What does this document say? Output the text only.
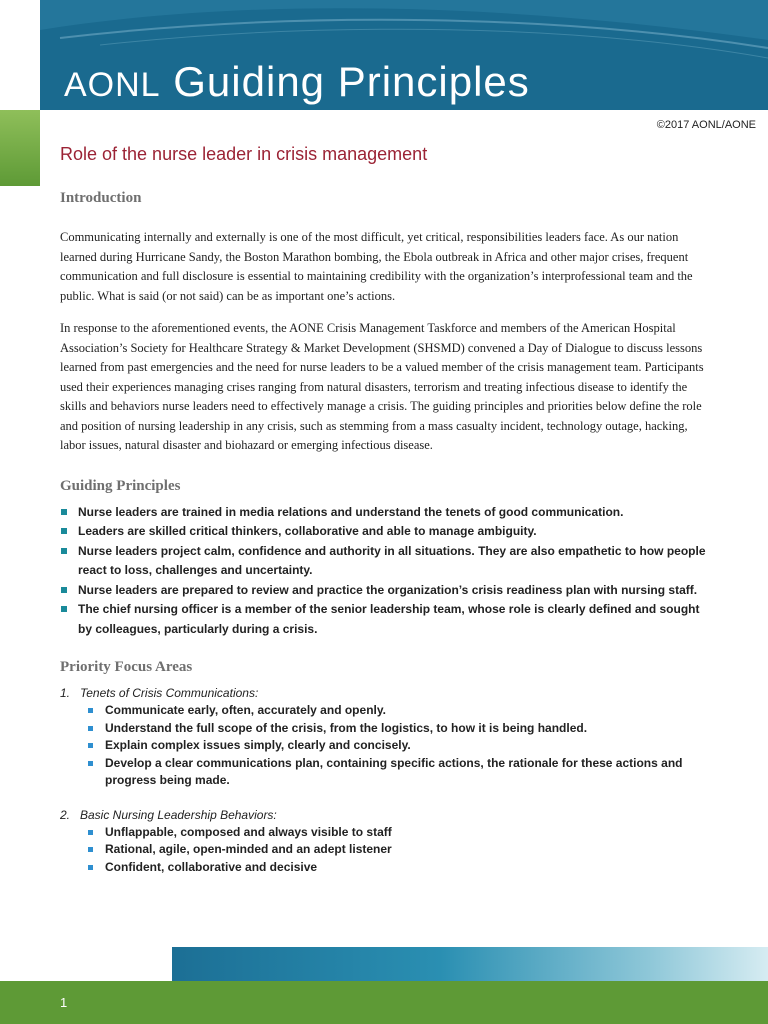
AONL Guiding Principles
©2017 AONL/AONE
Role of the nurse leader in crisis management
Introduction

Communicating internally and externally is one of the most difficult, yet critical, responsibilities leaders face. As our nation learned during Hurricane Sandy, the Boston Marathon bombing, the Ebola outbreak in Africa and other major crises, frequent communication and full disclosure is essential to maintaining credibility with the organization’s interprofessional team and the public. What is said (or not said) can be as important one’s actions.

In response to the aforementioned events, the AONE Crisis Management Taskforce and members of the American Hospital Association’s Society for Healthcare Strategy & Market Development (SHSMD) convened a Day of Dialogue to discuss lessons learned from past emergencies and the need for nurse leaders to be a valued member of the crisis management team. Participants used their experiences managing crises ranging from natural disasters, terrorism and treating infectious disease to identify the skills and behaviors nurse leaders need to effectively manage a crisis. The guiding principles and priorities below define the role and position of nursing leadership in any crisis, such as stemming from a mass casualty incident, technology outage, hacking, labor issues, natural disaster and biohazard or emerging infectious disease.

Guiding Principles
Nurse leaders are trained in media relations and understand the tenets of good communication.
Leaders are skilled critical thinkers, collaborative and able to manage ambiguity.
Nurse leaders project calm, confidence and authority in all situations. They are also empathetic to how people react to loss, challenges and uncertainty.
Nurse leaders are prepared to review and practice the organization’s crisis readiness plan with nursing staff.
The chief nursing officer is a member of the senior leadership team, whose role is clearly defined and sought by colleagues, particularly during a crisis.
Priority Focus Areas
1. Tenets of Crisis Communications:
Communicate early, often, accurately and openly.
Understand the full scope of the crisis, from the logistics, to how it is being handled.
Explain complex issues simply, clearly and concisely.
Develop a clear communications plan, containing specific actions, the rationale for these actions and progress being made.
2. Basic Nursing Leadership Behaviors:
Unflappable, composed and always visible to staff
Rational, agile, open-minded and an adept listener
Confident, collaborative and decisive
1
